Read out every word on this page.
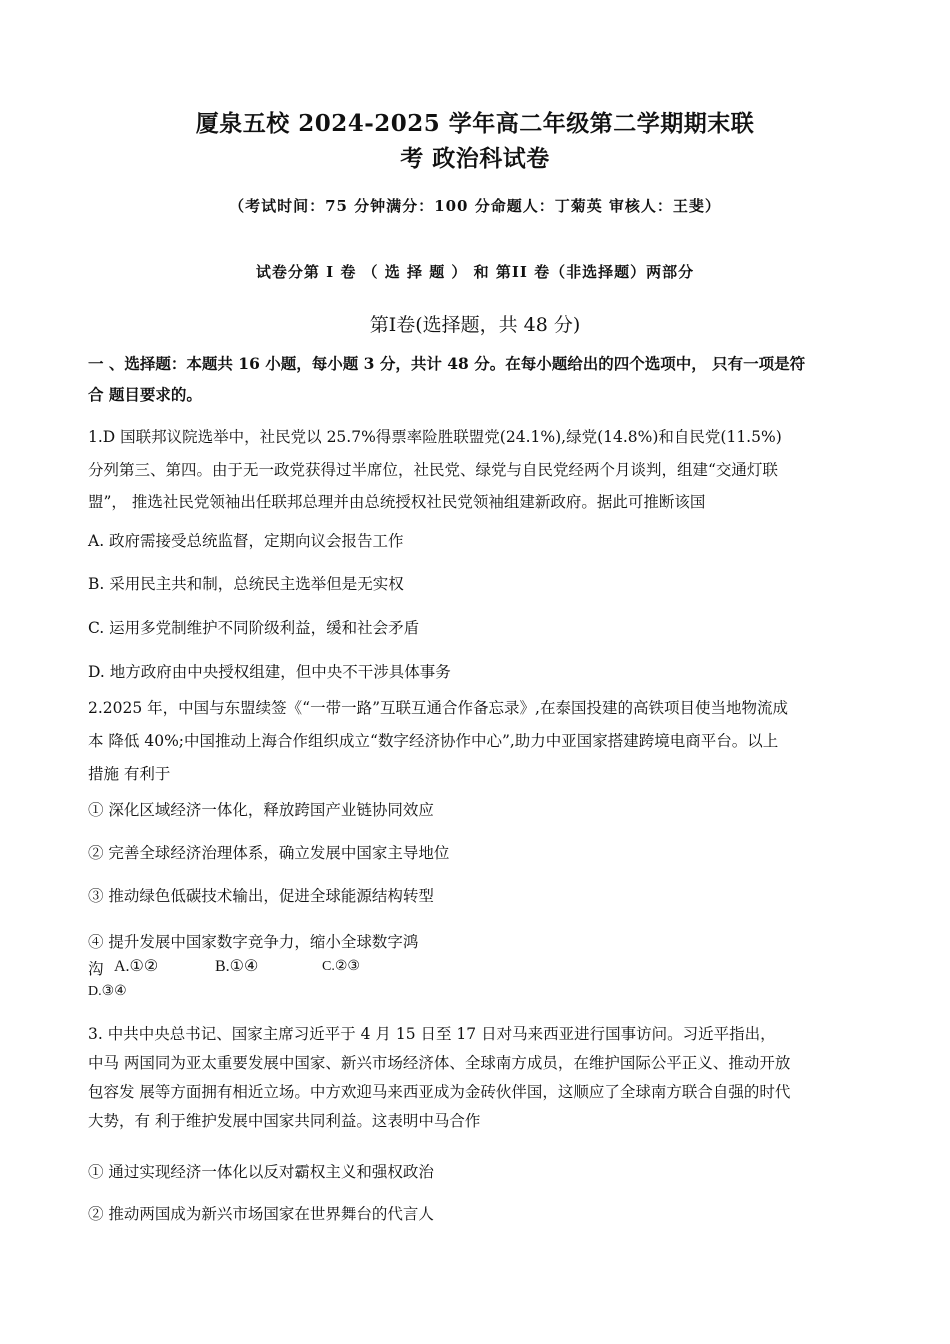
厦泉五校 2024-2025 学年高二年级第二学期期末联
考 政治科试卷
（考试时间：75 分钟满分：100 分命题人：丁菊英 审核人：王斐）
试卷分第 I 卷 （ 选 择 题 ） 和 第II 卷（非选择题）两部分
第Ⅰ卷(选择题，共 48 分)
一 、选择题：本题共 16 小题，每小题 3 分，共计 48 分。在每小题给出的四个选项中， 只有一项是符
合 题目要求的。
1.D 国联邦议院选举中，社民党以 25.7%得票率险胜联盟党(24.1%),绿党(14.8%)和自民党(11.5%)
分列第三、第四。由于无一政党获得过半席位，社民党、绿党与自民党经两个月谈判，组建“交通灯联
盟”， 推选社民党领袖出任联邦总理并由总统授权社民党领袖组建新政府。据此可推断该国
A. 政府需接受总统监督，定期向议会报告工作
B. 采用民主共和制，总统民主选举但是无实权
C. 运用多党制维护不同阶级利益，缓和社会矛盾
D. 地方政府由中央授权组建，但中央不干涉具体事务
2.2025 年，中国与东盟续签《“一带一路”互联互通合作备忘录》,在泰国投建的高铁项目使当地物流成
本 降低 40%;中国推动上海合作组织成立“数字经济协作中心”,助力中亚国家搭建跨境电商平台。以上
措施 有利于
① 深化区域经济一体化，释放跨国产业链协同效应
② 完善全球经济治理体系，确立发展中国家主导地位
③ 推动绿色低碳技术输出，促进全球能源结构转型
④ 提升发展中国家数字竞争力，缩小全球数字鸿
沟 A.①②	B.①④	C.②③
D.③④
3. 中共中央总书记、国家主席习近平于 4 月 15 日至 17 日对马来西亚进行国事访问。习近平指出，
中马 两国同为亚太重要发展中国家、新兴市场经济体、全球南方成员，在维护国际公平正义、推动开放
包容发 展等方面拥有相近立场。中方欢迎马来西亚成为金砖伙伴国，这顺应了全球南方联合自强的时代
大势，有 利于维护发展中国家共同利益。这表明中马合作
① 通过实现经济一体化以反对霸权主义和强权政治
② 推动两国成为新兴市场国家在世界舞台的代言人
